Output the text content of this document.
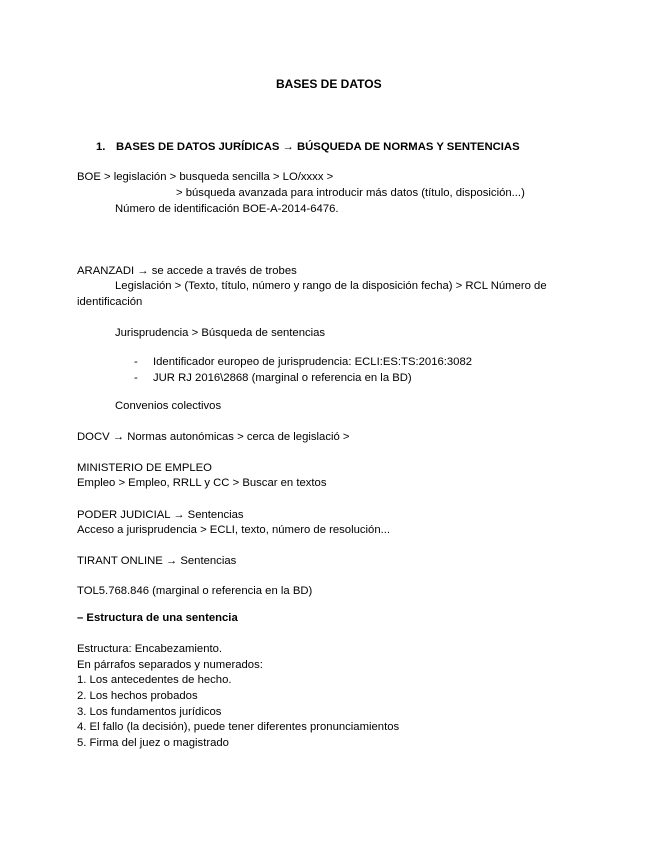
BASES DE DATOS
1. BASES DE DATOS JURÍDICAS → BÚSQUEDA DE NORMAS Y SENTENCIAS
BOE > legislación > busqueda sencilla > LO/xxxx >
> búsqueda avanzada para introducir más datos (título, disposición...)
Número de identificación BOE-A-2014-6476.
ARANZADI → se accede a través de trobes
Legislación > (Texto, título, número y rango de la disposición fecha) > RCL Número de
identificación
Jurisprudencia > Búsqueda de sentencias
- Identificador europeo de jurisprudencia: ECLI:ES:TS:2016:3082
- JUR RJ 2016\2868 (marginal o referencia en la BD)
Convenios colectivos
DOCV → Normas autonómicas > cerca de legislació >
MINISTERIO DE EMPLEO
Empleo > Empleo, RRLL y CC > Buscar en textos
PODER JUDICIAL → Sentencias
Acceso a jurisprudencia > ECLI, texto, número de resolución...
TIRANT ONLINE → Sentencias
TOL5.768.846 (marginal o referencia en la BD)
– Estructura de una sentencia
Estructura: Encabezamiento.
En párrafos separados y numerados:
1. Los antecedentes de hecho.
2. Los hechos probados
3. Los fundamentos jurídicos
4. El fallo (la decisión), puede tener diferentes pronunciamientos
5. Firma del juez o magistrado
